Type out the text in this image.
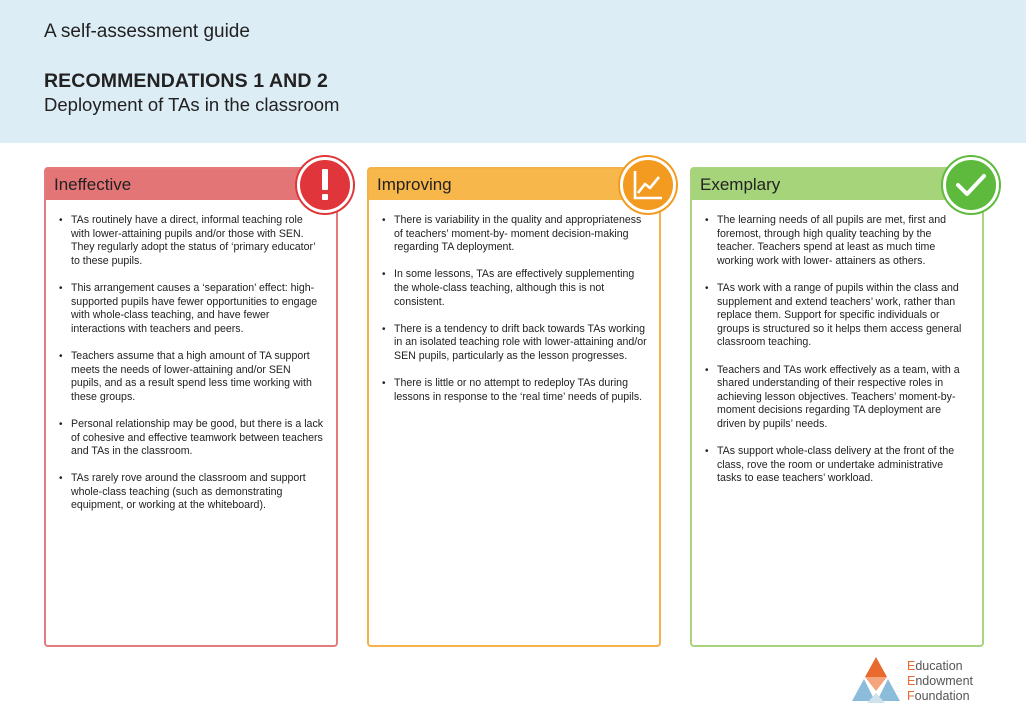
A self-assessment guide
RECOMMENDATIONS 1 AND 2
Deployment of TAs in the classroom
Ineffective
• TAs routinely have a direct, informal teaching role with lower-attaining pupils and/or those with SEN. They regularly adopt the status of ‘primary educator’ to these pupils.
• This arrangement causes a ‘separation’ effect: high-supported pupils have fewer opportunities to engage with whole-class teaching, and have fewer interactions with teachers and peers.
• Teachers assume that a high amount of TA support meets the needs of lower-attaining and/or SEN pupils, and as a result spend less time working with these groups.
• Personal relationship may be good, but there is a lack of cohesive and effective teamwork between teachers and TAs in the classroom.
• TAs rarely rove around the classroom and support whole-class teaching (such as demonstrating equipment, or working at the whiteboard).
Improving
• There is variability in the quality and appropriateness of teachers’ moment-by- moment decision-making regarding TA deployment.
• In some lessons, TAs are effectively supplementing the whole-class teaching, although this is not consistent.
• There is a tendency to drift back towards TAs working in an isolated teaching role with lower-attaining and/or SEN pupils, particularly as the lesson progresses.
• There is little or no attempt to redeploy TAs during lessons in response to the ‘real time’ needs of pupils.
Exemplary
• The learning needs of all pupils are met, first and foremost, through high quality teaching by the teacher. Teachers spend at least as much time working work with lower- attainers as others.
• TAs work with a range of pupils within the class and supplement and extend teachers’ work, rather than replace them. Support for specific individuals or groups is structured so it helps them access general classroom teaching.
• Teachers and TAs work effectively as a team, with a shared understanding of their respective roles in achieving lesson objectives. Teachers’ moment-by- moment decisions regarding TA deployment are driven by pupils’ needs.
• TAs support whole-class delivery at the front of the class, rove the room or undertake administrative tasks to ease teachers’ workload.
Education
Endowment
Foundation
